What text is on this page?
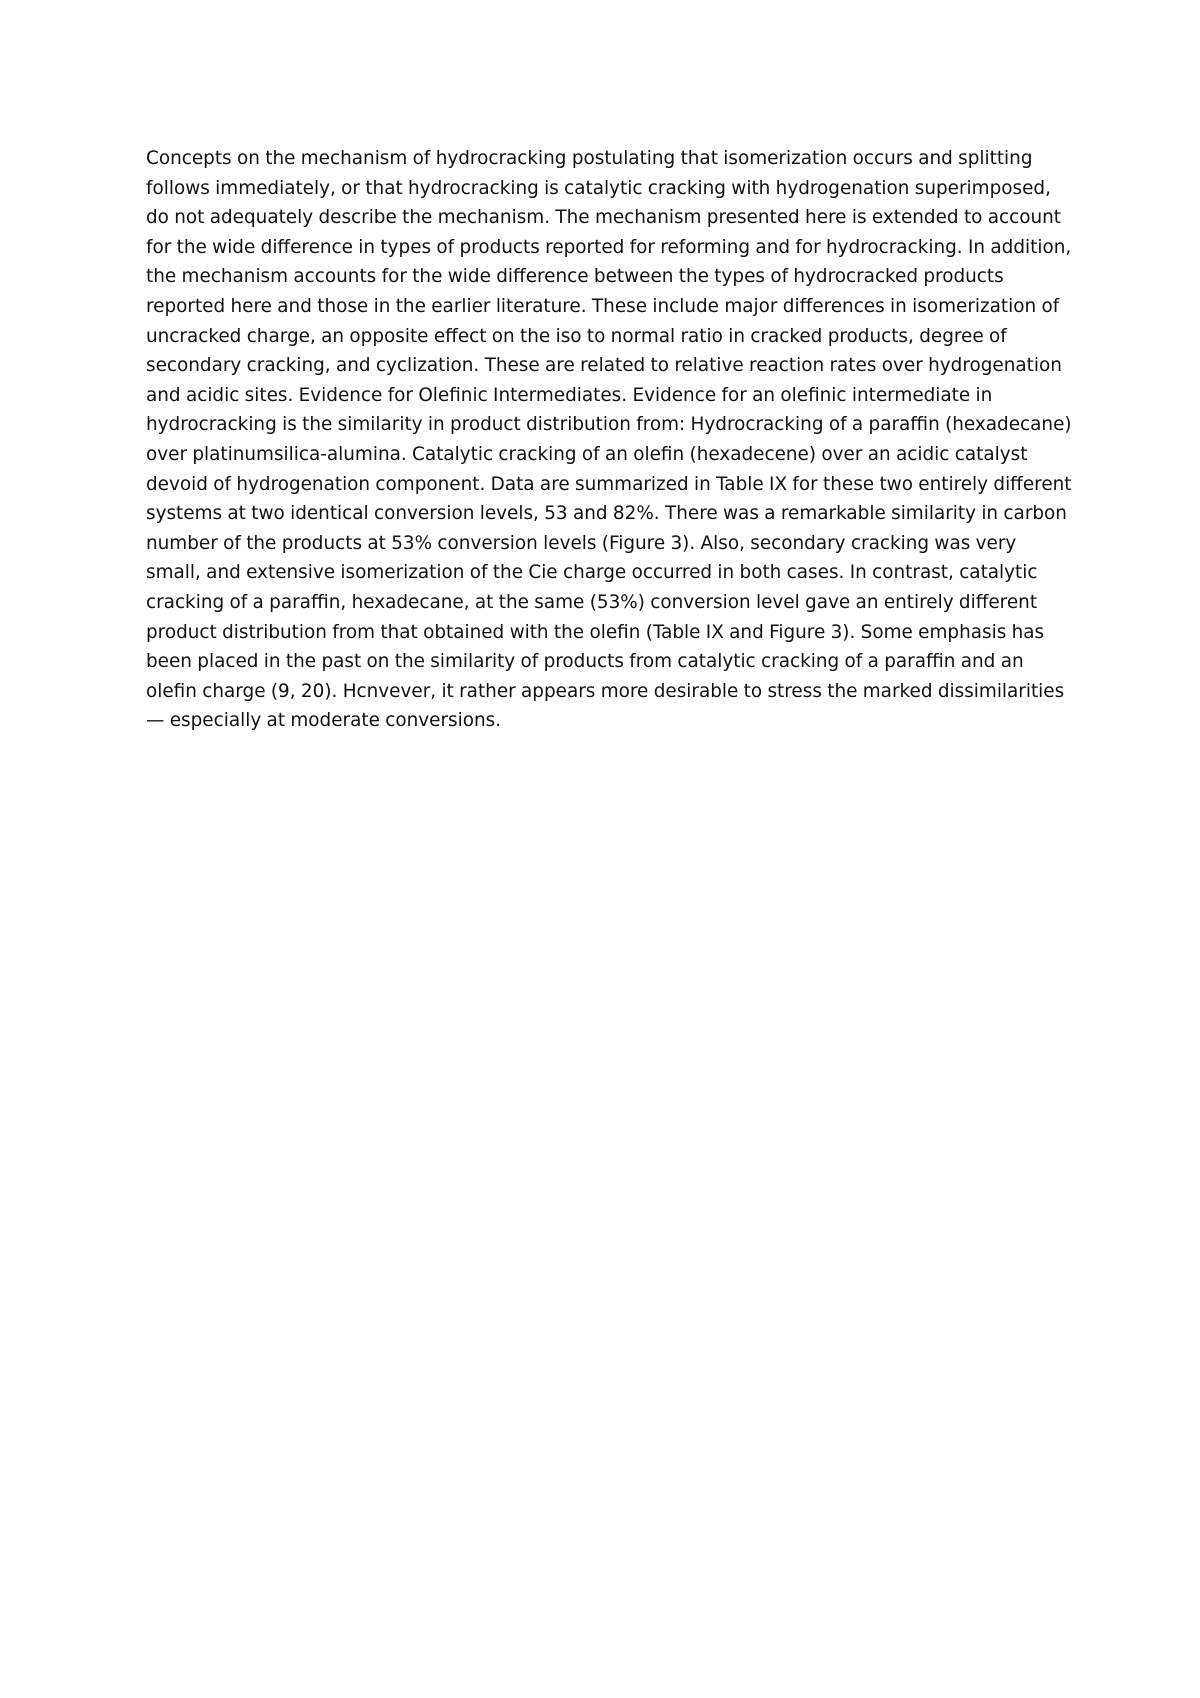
Concepts on the mechanism of hydrocracking postulating that isomerization occurs and splitting follows immediately, or that hydrocracking is catalytic cracking with hydrogenation superimposed, do not adequately describe the mechanism. The mechanism presented here is extended to account for the wide difference in types of products reported for reforming and for hydrocracking. In addition, the mechanism accounts for the wide difference between the types of hydrocracked products reported here and those in the earlier literature. These include major differences in isomerization of uncracked charge, an opposite effect on the iso to normal ratio in cracked products, degree of secondary cracking, and cyclization. These are related to relative reaction rates over hydrogenation and acidic sites. Evidence for Olefinic Intermediates. Evidence for an olefinic intermediate in hydrocracking is the similarity in product distribution from: Hydrocracking of a paraffin (hexadecane) over platinumsilica-alumina. Catalytic cracking of an olefin (hexadecene) over an acidic catalyst devoid of hydrogenation component. Data are summarized in Table IX for these two entirely different systems at two identical conversion levels, 53 and 82%. There was a remarkable similarity in carbon number of the products at 53% conversion levels (Figure 3). Also, secondary cracking was very small, and extensive isomerization of the Cie charge occurred in both cases. In contrast, catalytic cracking of a paraffin, hexadecane, at the same (53%) conversion level gave an entirely different product distribution from that obtained with the olefin (Table IX and Figure 3). Some emphasis has been placed in the past on the similarity of products from catalytic cracking of a paraffin and an olefin charge (9, 20). Hcnvever, it rather appears more desirable to stress the marked dissimilarities— especially at moderate conversions.
